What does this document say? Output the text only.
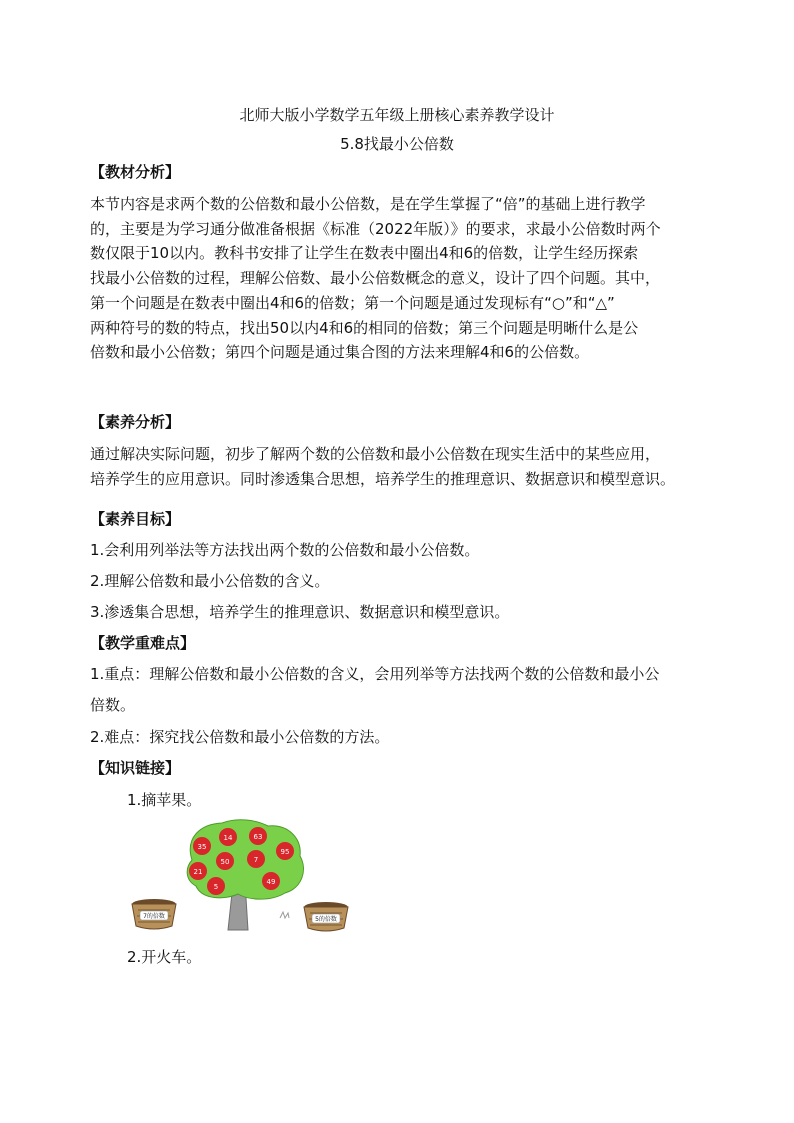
北师大版小学数学五年级上册核心素养教学设计
5.8找最小公倍数
【教材分析】
本节内容是求两个数的公倍数和最小公倍数，是在学生掌握了“倍”的基础上进行教学
的，主要是为学习通分做准备根据《标准（2022年版）》的要求，求最小公倍数时两个
数仅限于10以内。教科书安排了让学生在数表中圈出4和6的倍数，让学生经历探索
找最小公倍数的过程，理解公倍数、最小公倍数概念的意义，设计了四个问题。其中，
第一个问题是在数表中圈出4和6的倍数；第一个问题是通过发现标有“○”和“△”
两种符号的数的特点，找出50以内4和6的相同的倍数；第三个问题是明晰什么是公
倍数和最小公倍数；第四个问题是通过集合图的方法来理解4和6的公倍数。
【素养分析】
通过解决实际问题，初步了解两个数的公倍数和最小公倍数在现实生活中的某些应用，
培养学生的应用意识。同时渗透集合思想，培养学生的推理意识、数据意识和模型意识。
【素养目标】
1.会利用列举法等方法找出两个数的公倍数和最小公倍数。
2.理解公倍数和最小公倍数的含义。
3.渗透集合思想，培养学生的推理意识、数据意识和模型意识。
【教学重难点】
1.重点：理解公倍数和最小公倍数的含义，会用列举等方法找两个数的公倍数和最小公
倍数。
2.难点：探究找公倍数和最小公倍数的方法。
【知识链接】
1.摘苹果。
14	63
35
95
50	7
21
49
5
7的倍数	5的倍数
2.开火车。
